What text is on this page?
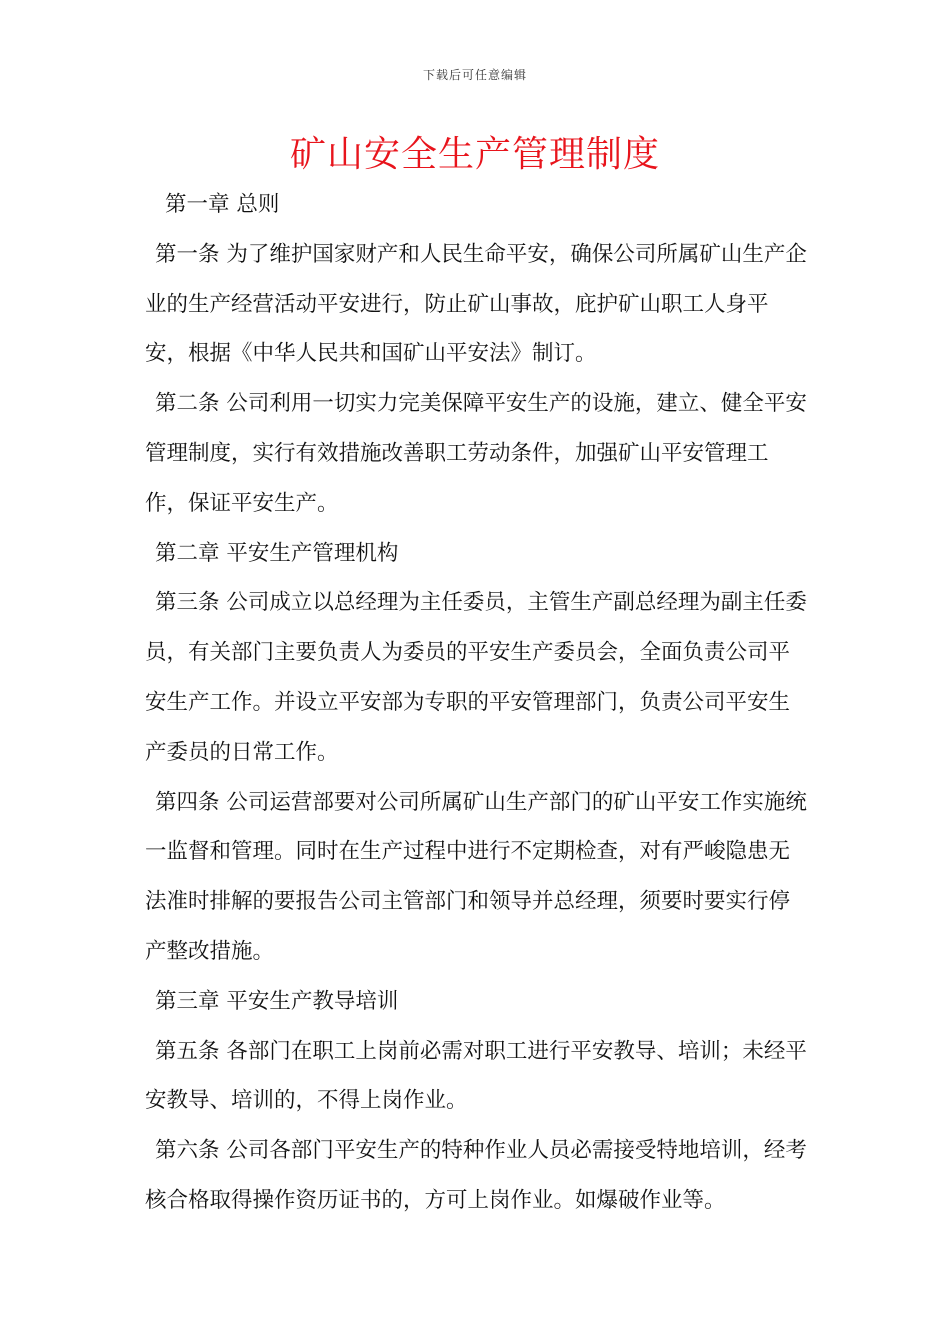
下载后可任意编辑
矿山安全生产管理制度

第一章 总则

第一条 为了维护国家财产和人民生命平安，确保公司所属矿山生产企业的生产经营活动平安进行，防止矿山事故，庇护矿山职工人身平安，根据《中华人民共和国矿山平安法》制订。

第二条 公司利用一切实力完美保障平安生产的设施，建立、健全平安管理制度，实行有效措施改善职工劳动条件，加强矿山平安管理工作，保证平安生产。

第二章 平安生产管理机构

第三条 公司成立以总经理为主任委员，主管生产副总经理为副主任委员，有关部门主要负责人为委员的平安生产委员会，全面负责公司平安生产工作。并设立平安部为专职的平安管理部门，负责公司平安生产委员的日常工作。

第四条 公司运营部要对公司所属矿山生产部门的矿山平安工作实施统一监督和管理。同时在生产过程中进行不定期检查，对有严峻隐患无法准时排解的要报告公司主管部门和领导并总经理，须要时要实行停产整改措施。

第三章 平安生产教导培训

第五条 各部门在职工上岗前必需对职工进行平安教导、培训；未经平安教导、培训的，不得上岗作业。

第六条 公司各部门平安生产的特种作业人员必需接受特地培训，经考核合格取得操作资历证书的，方可上岗作业。如爆破作业等。
